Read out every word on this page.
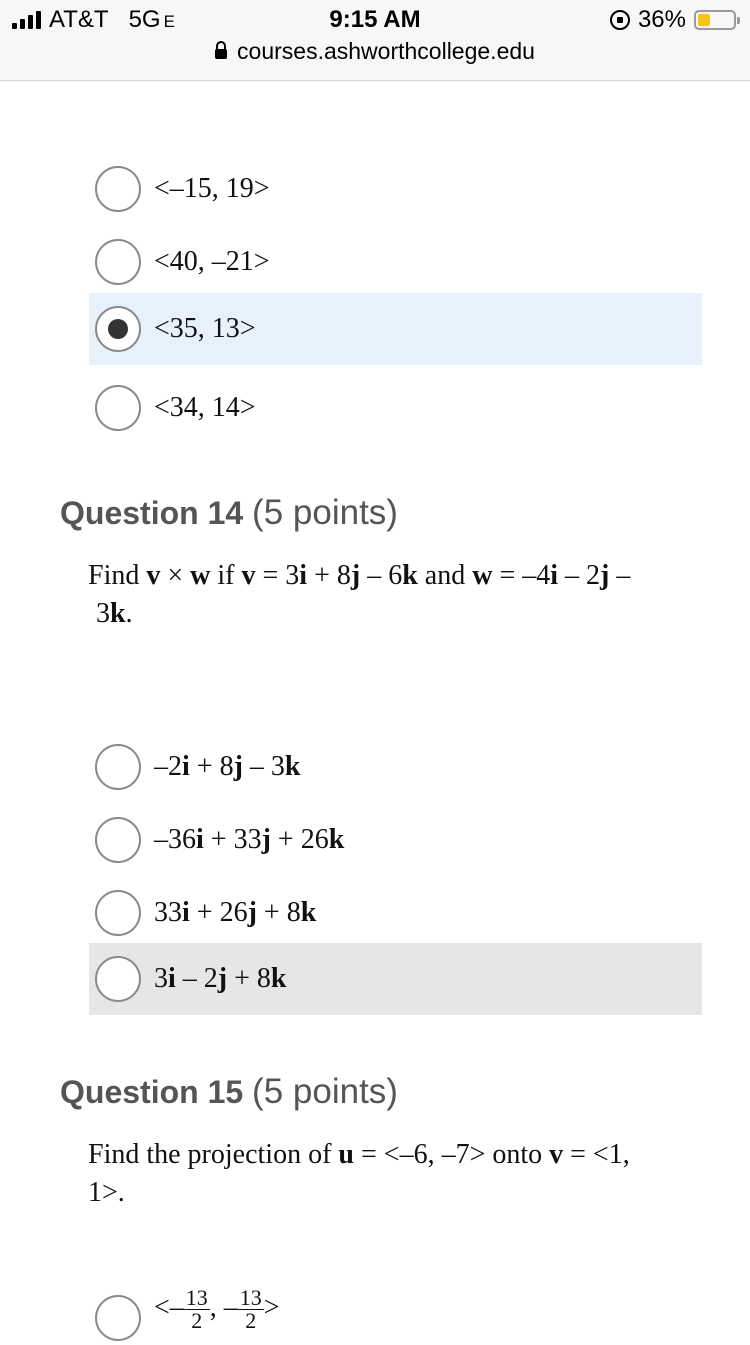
AT&T 5G E	9:15 AM	36%
courses.ashworthcollege.edu
<–15, 19>
<40, –21>
<35, 13>
<34, 14>
Question 14 (5 points)
Find v × w if v = 3i + 8j – 6k and w = –4i – 2j –
3k.
–2i + 8j – 3k
–36i + 33j + 26k
33i + 26j + 8k
3i – 2j + 8k
Question 15 (5 points)
Find the projection of u = <–6, –7> onto v = <1,
1>.
<– $\frac{13}{2}$ , – $\frac{13}{2}$ >
